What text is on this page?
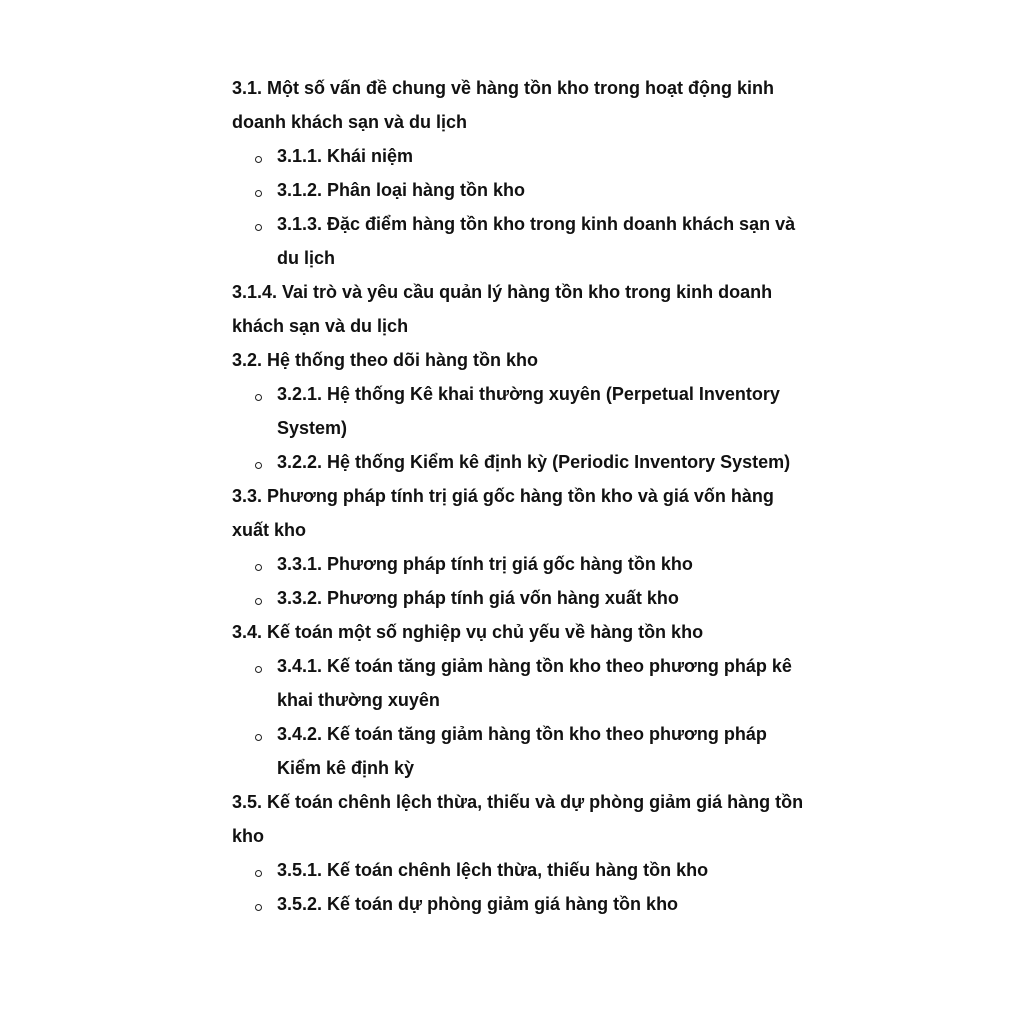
3.1. Một số vấn đề chung về hàng tồn kho trong hoạt động kinh doanh khách sạn và du lịch

3.1.1. Khái niệm

3.1.2. Phân loại hàng tồn kho

3.1.3. Đặc điểm hàng tồn kho trong kinh doanh khách sạn và du lịch

3.1.4. Vai trò và yêu cầu quản lý hàng tồn kho trong kinh doanh khách sạn và du lịch

3.2. Hệ thống theo dõi hàng tồn kho

3.2.1. Hệ thống Kê khai thường xuyên (Perpetual Inventory System)

3.2.2. Hệ thống Kiểm kê định kỳ (Periodic Inventory System)

3.3. Phương pháp tính trị giá gốc hàng tồn kho và giá vốn hàng xuất kho

3.3.1. Phương pháp tính trị giá gốc hàng tồn kho

3.3.2. Phương pháp tính giá vốn hàng xuất kho

3.4. Kế toán một số nghiệp vụ chủ yếu về hàng tồn kho

3.4.1. Kế toán tăng giảm hàng tồn kho theo phương pháp kê khai thường xuyên

3.4.2. Kế toán tăng giảm hàng tồn kho theo phương pháp Kiểm kê định kỳ

3.5. Kế toán chênh lệch thừa, thiếu và dự phòng giảm giá hàng tồn kho

3.5.1. Kế toán chênh lệch thừa, thiếu hàng tồn kho

3.5.2. Kế toán dự phòng giảm giá hàng tồn kho
